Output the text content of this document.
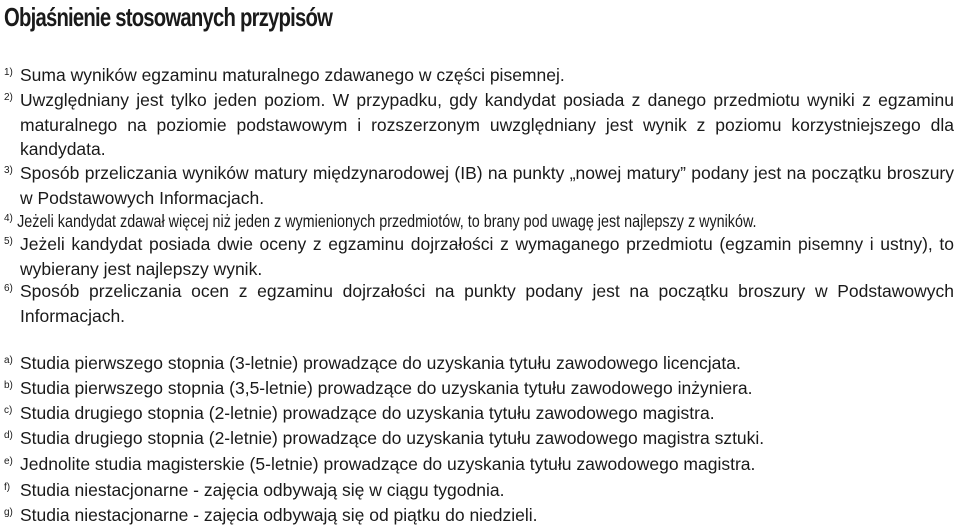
Objaśnienie stosowanych przypisów
1) Suma wyników egzaminu maturalnego zdawanego w części pisemnej.
2) Uwzględniany jest tylko jeden poziom. W przypadku, gdy kandydat posiada z danego przedmiotu wyniki z egzaminu maturalnego na poziomie podstawowym i rozszerzonym uwzględniany jest wynik z poziomu korzystniejszego dla kandydata.
3) Sposób przeliczania wyników matury międzynarodowej (IB) na punkty „nowej matury” podany jest na początku broszury w Podstawowych Informacjach.
4) Jeżeli kandydat zdawał więcej niż jeden z wymienionych przedmiotów, to brany pod uwagę jest najlepszy z wyników.
5) Jeżeli kandydat posiada dwie oceny z egzaminu dojrzałości z wymaganego przedmiotu (egzamin pisemny i ustny), to wybierany jest najlepszy wynik.
6) Sposób przeliczania ocen z egzaminu dojrzałości na punkty podany jest na początku broszury w Podstawowych Informacjach.
a) Studia pierwszego stopnia (3-letnie) prowadzące do uzyskania tytułu zawodowego licencjata.
b) Studia pierwszego stopnia (3,5-letnie) prowadzące do uzyskania tytułu zawodowego inżyniera.
c) Studia drugiego stopnia (2-letnie) prowadzące do uzyskania tytułu zawodowego magistra.
d) Studia drugiego stopnia (2-letnie) prowadzące do uzyskania tytułu zawodowego magistra sztuki.
e) Jednolite studia magisterskie (5-letnie) prowadzące do uzyskania tytułu zawodowego magistra.
f) Studia niestacjonarne - zajęcia odbywają się w ciągu tygodnia.
g) Studia niestacjonarne - zajęcia odbywają się od piątku do niedzieli.
